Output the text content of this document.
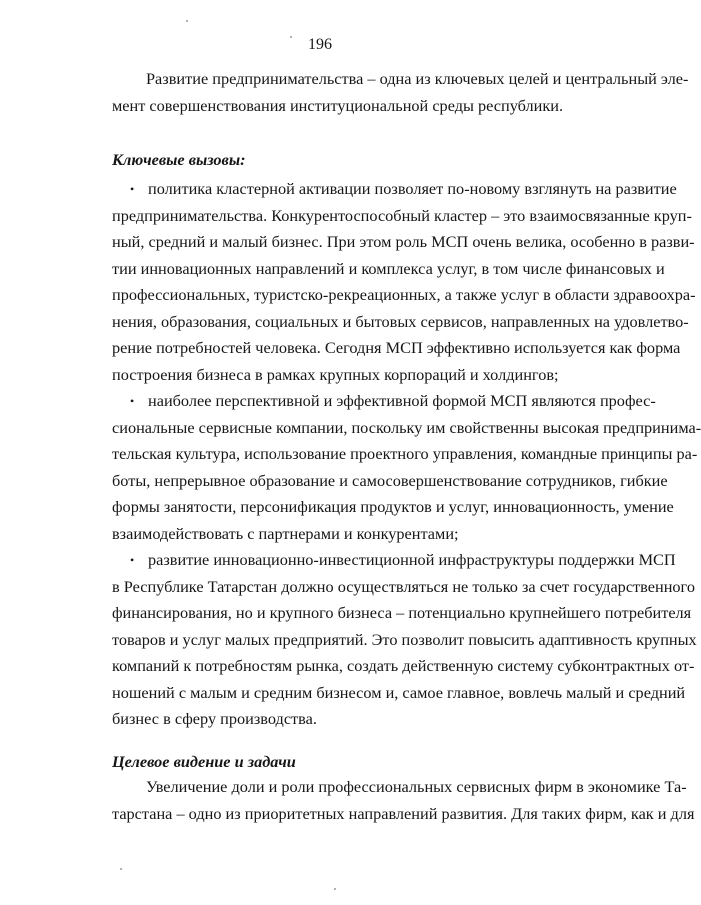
196
Развитие предпринимательства – одна из ключевых целей и центральный эле-
мент совершенствования институциональной среды республики.
Ключевые вызовы:
• политика кластерной активации позволяет по-новому взглянуть на развитие
предпринимательства. Конкурентоспособный кластер – это взаимосвязанные круп-
ный, средний и малый бизнес. При этом роль МСП очень велика, особенно в разви-
тии инновационных направлений и комплекса услуг, в том числе финансовых и
профессиональных, туристско-рекреационных, а также услуг в области здравоохра-
нения, образования, социальных и бытовых сервисов, направленных на удовлетво-
рение потребностей человека. Сегодня МСП эффективно используется как форма
построения бизнеса в рамках крупных корпораций и холдингов;
• наиболее перспективной и эффективной формой МСП являются профес-
сиональные сервисные компании, поскольку им свойственны высокая предпринима-
тельская культура, использование проектного управления, командные принципы ра-
боты, непрерывное образование и самосовершенствование сотрудников, гибкие
формы занятости, персонификация продуктов и услуг, инновационность, умение
взаимодействовать с партнерами и конкурентами;
• развитие инновационно-инвестиционной инфраструктуры поддержки МСП
в Республике Татарстан должно осуществляться не только за счет государственного
финансирования, но и крупного бизнеса – потенциально крупнейшего потребителя
товаров и услуг малых предприятий. Это позволит повысить адаптивность крупных
компаний к потребностям рынка, создать действенную систему субконтрактных от-
ношений с малым и средним бизнесом и, самое главное, вовлечь малый и средний
бизнес в сферу производства.
Целевое видение и задачи
Увеличение доли и роли профессиональных сервисных фирм в экономике Та-
тарстана – одно из приоритетных направлений развития. Для таких фирм, как и для
